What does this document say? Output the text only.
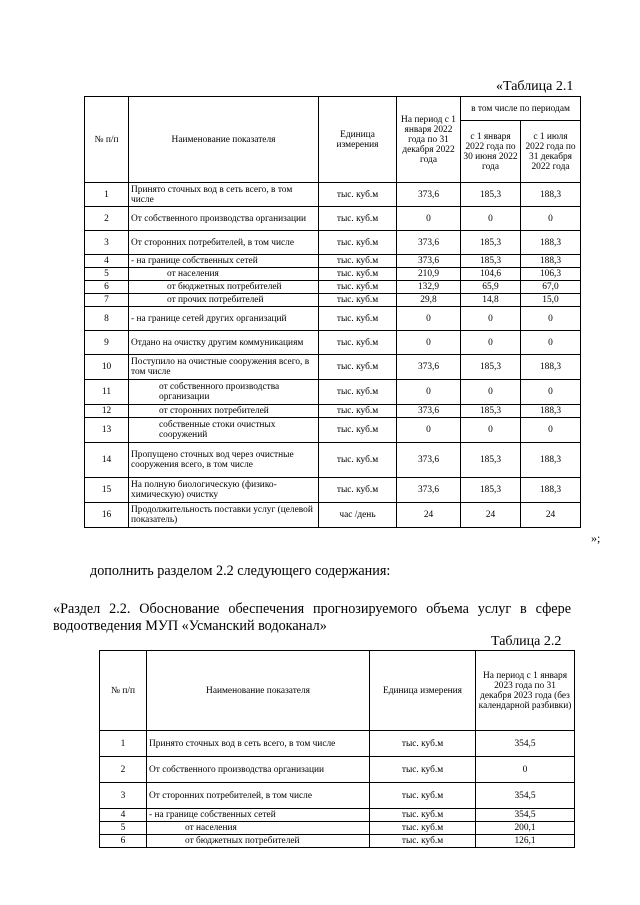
«Таблица 2.1
№ п/п	Наименование показателя	Единица измерения	На период с 1 января 2022 года по 31 декабря 2022 года	в том числе по периодам	
				с 1 января 2022 года по 30 июня 2022 года	с 1 июля 2022 года по 31 декабря 2022 года
1	Принято сточных вод в сеть всего, в том числе	тыс. куб.м	373,6	185,3	188,3
2	От собственного производства организации	тыс. куб.м	0	0	0
3	От сторонних потребителей, в том числе	тыс. куб.м	373,6	185,3	188,3
4	- на границе собственных сетей	тыс. куб.м	373,6	185,3	188,3
5	от населения	тыс. куб.м	210,9	104,6	106,3
6	от бюджетных потребителей	тыс. куб.м	132,9	65,9	67,0
7	от прочих потребителей	тыс. куб.м	29,8	14,8	15,0
8	- на границе сетей других организаций	тыс. куб.м	0	0	0
9	Отдано на очистку другим коммуникациям	тыс. куб.м	0	0	0
10	Поступило на очистные сооружения всего, в том числе	тыс. куб.м	373,6	185,3	188,3
11	от собственного производства организации	тыс. куб.м	0	0	0
12	от сторонних потребителей	тыс. куб.м	373,6	185,3	188,3
13	собственные стоки очистных сооружений	тыс. куб.м	0	0	0
14	Пропущено сточных вод через очистные сооружения всего, в том числе	тыс. куб.м	373,6	185,3	188,3
15	На полную биологическую (физико-химическую) очистку	тыс. куб.м	373,6	185,3	188,3
16	Продолжительность поставки услуг (целевой показатель)	час /день	24	24	24
»;
дополнить разделом 2.2 следующего содержания:
«Раздел 2.2. Обоснование обеспечения прогнозируемого объема услуг в сфере водоотведения МУП «Усманский водоканал»
Таблица 2.2
№ п/п	Наименование показателя	Единица измерения	На период с 1 января 2023 года по 31 декабря 2023 года (без календарной разбивки)
1	Принято сточных вод в сеть всего, в том числе	тыс. куб.м	354,5
2	От собственного производства организации	тыс. куб.м	0
3	От сторонних потребителей, в том числе	тыс. куб.м	354,5
4	- на границе собственных сетей	тыс. куб.м	354,5
5	от населения	тыс. куб.м	200,1
6	от бюджетных потребителей	тыс. куб.м	126,1
